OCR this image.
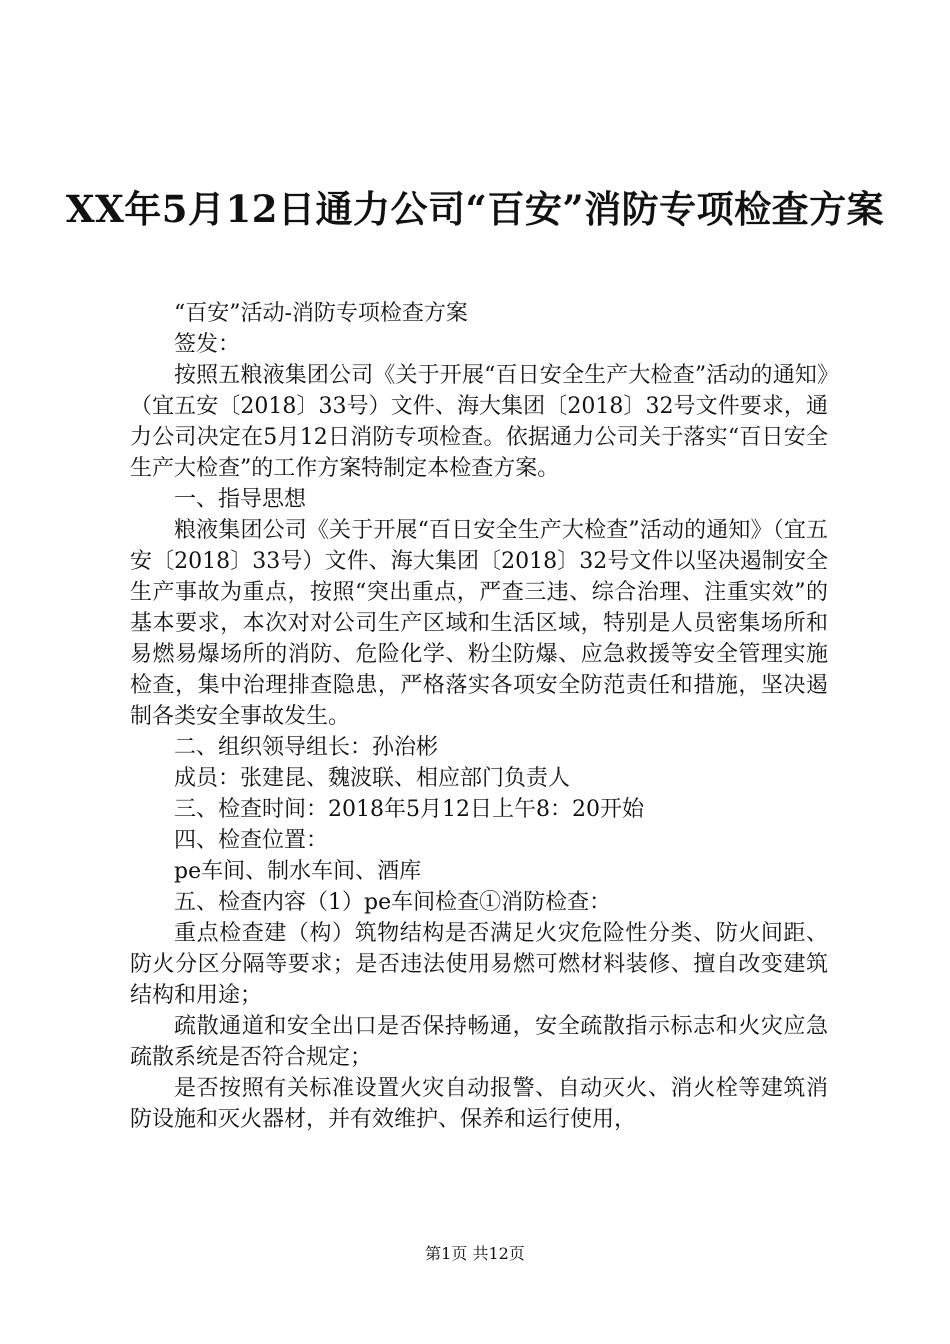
XX年5月12日通力公司“百安”消防专项检查方案

“百安”活动-消防专项检查方案

签发：

按照五粮液集团公司《关于开展“百日安全生产大检查”活动的通知》（宜五安〔2018〕33号）文件、海大集团〔2018〕32号文件要求，通力公司决定在5月12日消防专项检查。依据通力公司关于落实“百日安全生产大检查”的工作方案特制定本检查方案。

一、指导思想

粮液集团公司《关于开展“百日安全生产大检查”活动的通知》（宜五安〔2018〕33号）文件、海大集团〔2018〕32号文件以坚决遏制安全生产事故为重点，按照“突出重点，严查三违、综合治理、注重实效”的基本要求，本次对对公司生产区域和生活区域，特别是人员密集场所和易燃易爆场所的消防、危险化学、粉尘防爆、应急救援等安全管理实施检查，集中治理排查隐患，严格落实各项安全防范责任和措施，坚决遏制各类安全事故发生。

二、组织领导组长：孙治彬

成员：张建昆、魏波联、相应部门负责人

三、检查时间：2018年5月12日上午8：20开始

四、检查位置：

pe车间、制水车间、酒库

五、检查内容（1）pe车间检查①消防检查：

重点检查建（构）筑物结构是否满足火灾危险性分类、防火间距、防火分区分隔等要求；是否违法使用易燃可燃材料装修、擅自改变建筑结构和用途；

疏散通道和安全出口是否保持畅通，安全疏散指示标志和火灾应急疏散系统是否符合规定；

是否按照有关标准设置火灾自动报警、自动灭火、消火栓等建筑消防设施和灭火器材，并有效维护、保养和运行使用，

第1页 共12页
